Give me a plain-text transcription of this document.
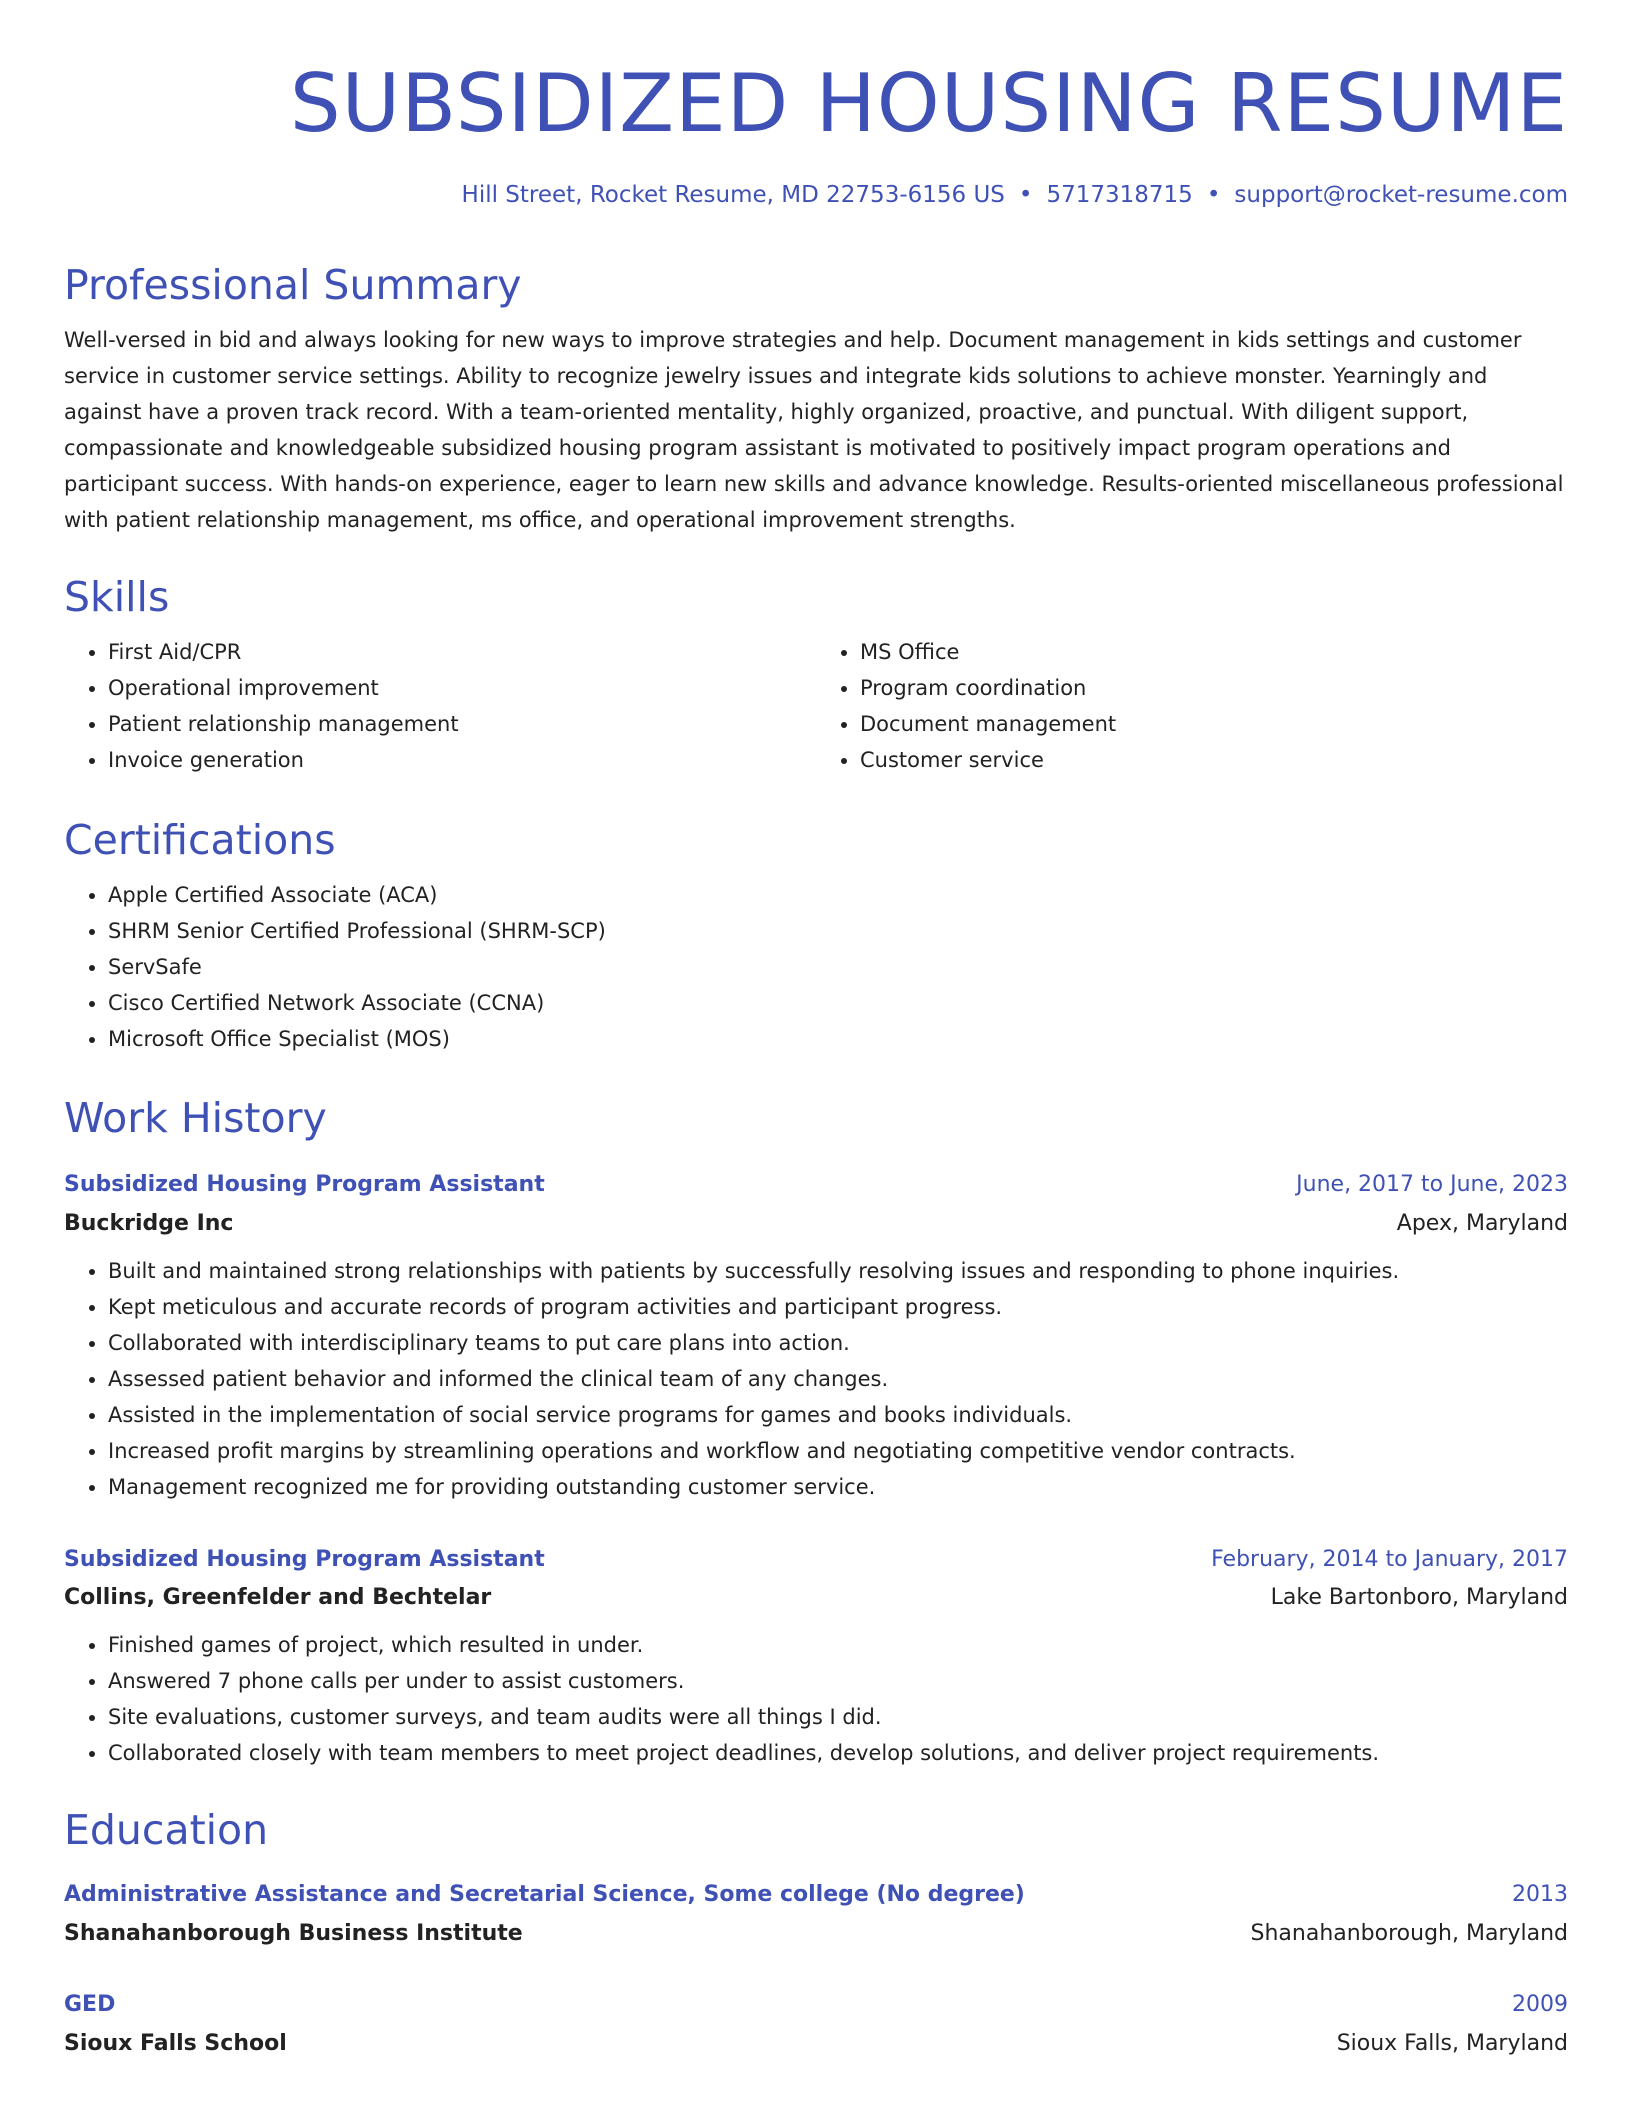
SUBSIDIZED HOUSING RESUME
Hill Street, Rocket Resume, MD 22753-6156 US • 5717318715 • support@rocket-resume.com
Professional Summary
Well-versed in bid and always looking for new ways to improve strategies and help. Document management in kids settings and customer service in customer service settings. Ability to recognize jewelry issues and integrate kids solutions to achieve monster. Yearningly and against have a proven track record. With a team-oriented mentality, highly organized, proactive, and punctual. With diligent support, compassionate and knowledgeable subsidized housing program assistant is motivated to positively impact program operations and participant success. With hands-on experience, eager to learn new skills and advance knowledge. Results-oriented miscellaneous professional with patient relationship management, ms office, and operational improvement strengths.
Skills
• First Aid/CPR
• Operational improvement
• Patient relationship management
• Invoice generation
• MS Office
• Program coordination
• Document management
• Customer service
Certifications
• Apple Certified Associate (ACA)
• SHRM Senior Certified Professional (SHRM-SCP)
• ServSafe
• Cisco Certified Network Associate (CCNA)
• Microsoft Office Specialist (MOS)
Work History
Subsidized Housing Program Assistant	June, 2017 to June, 2023
Buckridge Inc	Apex, Maryland
• Built and maintained strong relationships with patients by successfully resolving issues and responding to phone inquiries.
• Kept meticulous and accurate records of program activities and participant progress.
• Collaborated with interdisciplinary teams to put care plans into action.
• Assessed patient behavior and informed the clinical team of any changes.
• Assisted in the implementation of social service programs for games and books individuals.
• Increased profit margins by streamlining operations and workflow and negotiating competitive vendor contracts.
• Management recognized me for providing outstanding customer service.
Subsidized Housing Program Assistant	February, 2014 to January, 2017
Collins, Greenfelder and Bechtelar	Lake Bartonboro, Maryland
• Finished games of project, which resulted in under.
• Answered 7 phone calls per under to assist customers.
• Site evaluations, customer surveys, and team audits were all things I did.
• Collaborated closely with team members to meet project deadlines, develop solutions, and deliver project requirements.
Education
Administrative Assistance and Secretarial Science, Some college (No degree)	2013
Shanahanborough Business Institute	Shanahanborough, Maryland
GED	2009
Sioux Falls School	Sioux Falls, Maryland
